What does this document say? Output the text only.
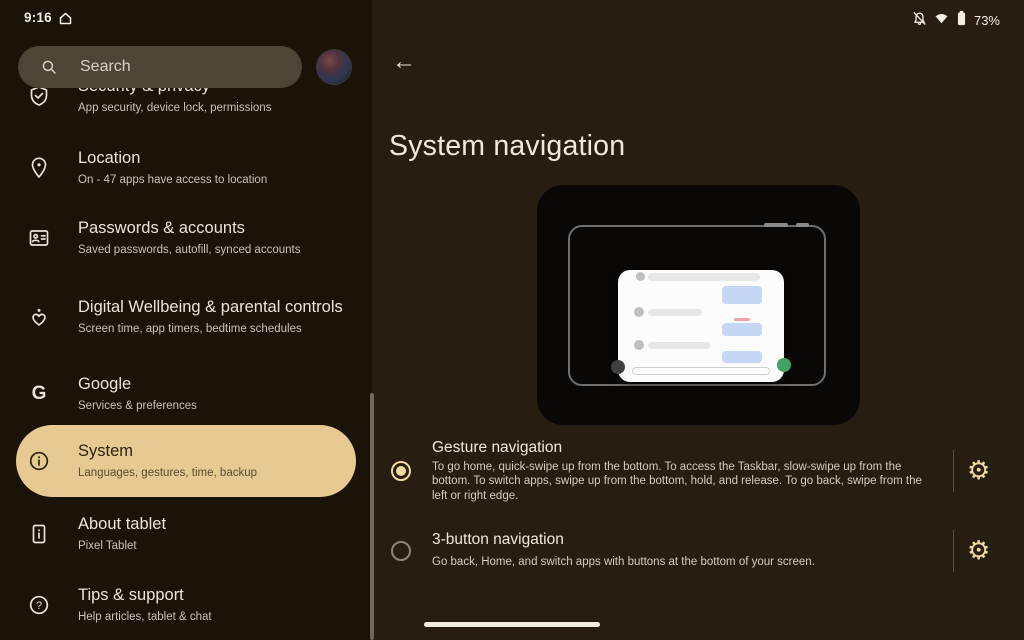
App security, device lock, permissions
Location
On - 47 apps have access to location
Passwords & accounts
Saved passwords, autofill, synced accounts
Digital Wellbeing & parental controls
Screen time, app timers, bedtime schedules
G Google
Services & preferences
System
Languages, gestures, time, backup
About tablet
Pixel Tablet
?
Tips & support
Help articles, tablet & chat
9:16
Search
73%
←
System navigation
Gesture navigation
To go home, quick-swipe up from the bottom. To access the Taskbar, slow-swipe up from the bottom. To switch apps, swipe up from the bottom, hold, and release. To go back, swipe from the left or right edge.
⚙
3-button navigation
Go back, Home, and switch apps with buttons at the bottom of your screen.	⚙
